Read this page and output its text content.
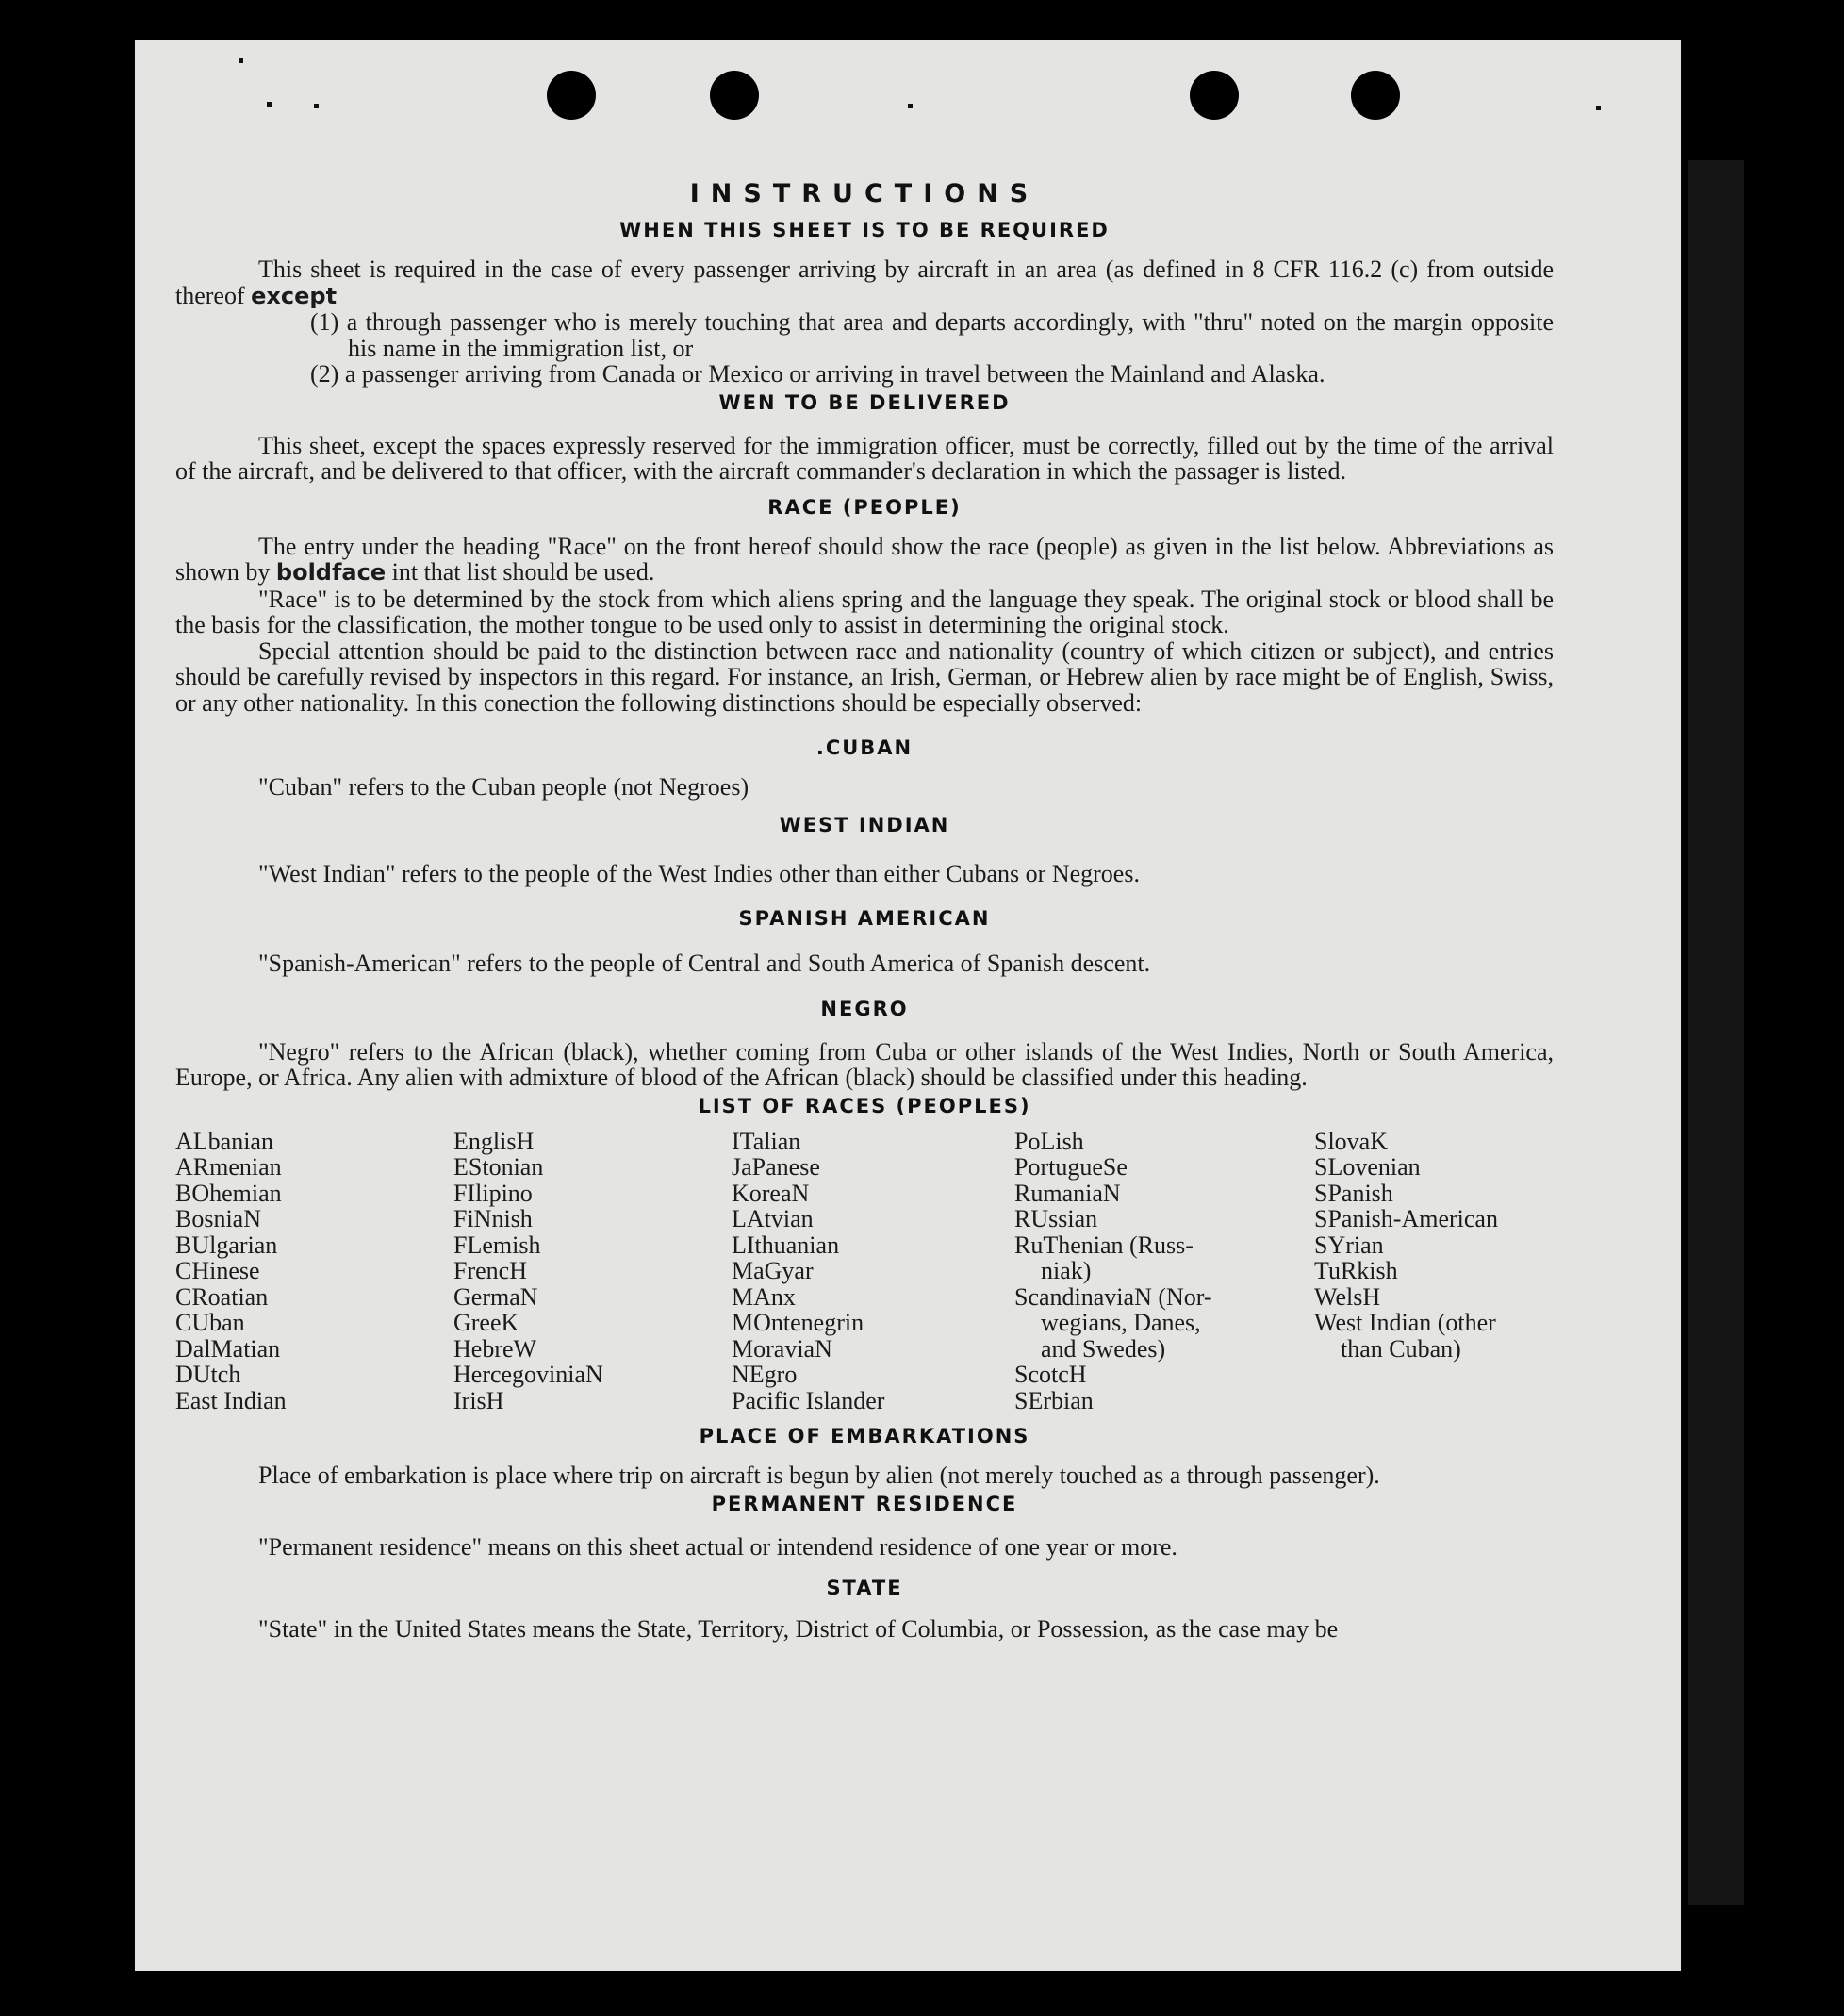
INSTRUCTIONS
WHEN THIS SHEET IS TO BE REQUIRED

This sheet is required in the case of every passenger arriving by aircraft in an area (as defined in 8 CFR 116.2 (c) from outside thereof except

(1) a through passenger who is merely touching that area and departs accordingly, with "thru" noted on the margin opposite his name in the immigration list, or

(2) a passenger arriving from Canada or Mexico or arriving in travel between the Mainland and Alaska.

WEN TO BE DELIVERED

This sheet, except the spaces expressly reserved for the immigration officer, must be correctly, filled out by the time of the arrival of the aircraft, and be delivered to that officer, with the aircraft commander's declaration in which the passager is listed.

RACE (PEOPLE)

The entry under the heading "Race" on the front hereof should show the race (people) as given in the list below. Abbreviations as shown by boldface int that list should be used.

"Race" is to be determined by the stock from which aliens spring and the language they speak. The original stock or blood shall be the basis for the classification, the mother tongue to be used only to assist in determining the original stock.

Special attention should be paid to the distinction between race and nationality (country of which citizen or subject), and entries should be carefully revised by inspectors in this regard. For instance, an Irish, German, or Hebrew alien by race might be of English, Swiss, or any other nationality. In this conection the following distinctions should be especially observed:

.CUBAN

"Cuban" refers to the Cuban people (not Negroes)

WEST INDIAN

"West Indian" refers to the people of the West Indies other than either Cubans or Negroes.

SPANISH AMERICAN

"Spanish-American" refers to the people of Central and South America of Spanish descent.

NEGRO

"Negro" refers to the African (black), whether coming from Cuba or other islands of the West Indies, North or South America, Europe, or Africa. Any alien with admixture of blood of the African (black) should be classified under this heading.

LIST OF RACES (PEOPLES)
ALbanian
ARmenian
BOhemian
BosniaN
BUlgarian
CHinese
CRoatian
CUban
DalMatian
DUtch
East Indian
EnglisH
EStonian
FIlipino
FiNnish
FLemish
FrencH
GermaN
GreeK
HebreW
HercegoviniaN
IrisH
ITalian
JaPanese
KoreaN
LAtvian
LIthuanian
MaGyar
MAnx
MOntenegrin
MoraviaN
NEgro
Pacific Islander
PoLish
PortugueSe
RumaniaN
RUssian
RuThenian (Russ-
niak)
ScandinaviaN (Nor-
wegians, Danes,
and Swedes)
ScotcH
SErbian
SlovaK
SLovenian
SPanish
SPanish-American
SYrian
TuRkish
WelsH
West Indian (other
than Cuban)
PLACE OF EMBARKATIONS

Place of embarkation is place where trip on aircraft is begun by alien (not merely touched as a through passenger).

PERMANENT RESIDENCE

"Permanent residence" means on this sheet actual or intendend residence of one year or more.

STATE

"State" in the United States means the State, Territory, District of Columbia, or Possession, as the case may be
